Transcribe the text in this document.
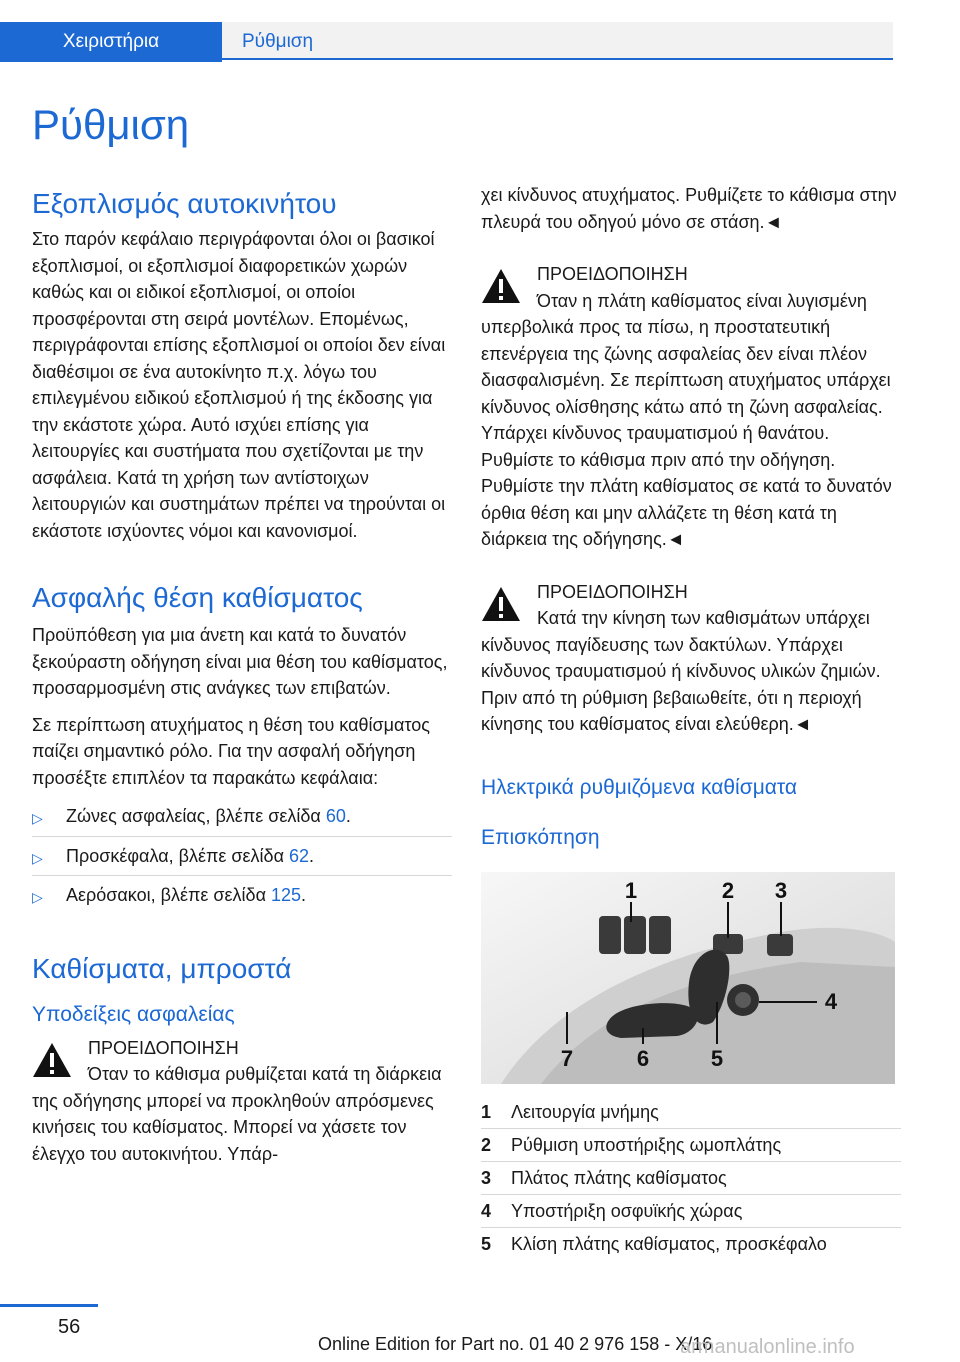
Χειριστήρια	Ρύθμιση
Ρύθμιση
Εξοπλισμός αυτοκινήτου

Στο παρόν κεφάλαιο περιγράφονται όλοι οι βασικοί εξοπλισμοί, οι εξοπλισμοί διαφορετικών χωρών καθώς και οι ειδικοί εξοπλισμοί, οι οποίοι προσφέρονται στη σειρά μοντέλων. Επομένως, περιγράφονται επίσης εξοπλισμοί οι οποίοι δεν είναι διαθέσιμοι σε ένα αυτοκίνητο π.χ. λόγω του επιλεγμένου ειδικού εξοπλισμού ή της έκδοσης για την εκάστοτε χώρα. Αυτό ισχύει επίσης για λειτουργίες και συστήματα που σχετίζονται με την ασφάλεια. Κατά τη χρήση των αντίστοιχων λειτουργιών και συστημάτων πρέπει να τηρούνται οι εκάστοτε ισχύοντες νόμοι και κανονισμοί.

Ασφαλής θέση καθίσματος

Προϋπόθεση για μια άνετη και κατά το δυνατόν ξεκούραστη οδήγηση είναι μια θέση του καθίσματος, προσαρμοσμένη στις ανάγκες των επιβατών.

Σε περίπτωση ατυχήματος η θέση του καθίσματος παίζει σημαντικό ρόλο. Για την ασφαλή οδήγηση προσέξτε επιπλέον τα παρακάτω κεφάλαια:

▷ Ζώνες ασφαλείας, βλέπε σελίδα 60.
▷ Προσκέφαλα, βλέπε σελίδα 62.
▷ Αερόσακοι, βλέπε σελίδα 125.
Καθίσματα, μπροστά
Υποδείξεις ασφαλείας
ΠΡΟΕΙΔΟΠΟΙΗΣΗ

Όταν το κάθισμα ρυθμίζεται κατά τη διάρκεια της οδήγησης μπορεί να προκληθούν απρόσμενες κινήσεις του καθίσματος. Μπορεί να χάσετε τον έλεγχο του αυτοκινήτου. Υπάρ-

χει κίνδυνος ατυχήματος. Ρυθμίζετε το κάθισμα στην πλευρά του οδηγού μόνο σε στάση.◄

ΠΡΟΕΙΔΟΠΟΙΗΣΗ

Όταν η πλάτη καθίσματος είναι λυγισμένη υπερβολικά προς τα πίσω, η προστατευτική επενέργεια της ζώνης ασφαλείας δεν είναι πλέον διασφαλισμένη. Σε περίπτωση ατυχήματος υπάρχει κίνδυνος ολίσθησης κάτω από τη ζώνη ασφαλείας. Υπάρχει κίνδυνος τραυματισμού ή θανάτου. Ρυθμίστε το κάθισμα πριν από την οδήγηση. Ρυθμίστε την πλάτη καθίσματος σε κατά το δυνατόν όρθια θέση και μην αλλάζετε τη θέση κατά τη διάρκεια της οδήγησης.◄

ΠΡΟΕΙΔΟΠΟΙΗΣΗ

Κατά την κίνηση των καθισμάτων υπάρχει κίνδυνος παγίδευσης των δακτύλων. Υπάρχει κίνδυνος τραυματισμού ή κίνδυνος υλικών ζημιών. Πριν από τη ρύθμιση βεβαιωθείτε, ότι η περιοχή κίνησης του καθίσματος είναι ελεύθερη.◄

Ηλεκτρικά ρυθμιζόμενα καθίσματα
Επισκόπηση
1	2 3
4
5
6
7
1	Λειτουργία μνήμης
2	Ρύθμιση υποστήριξης ωμοπλάτης
3	Πλάτος πλάτης καθίσματος
4	Υποστήριξη οσφυϊκής χώρας
5	Κλίση πλάτης καθίσματος, προσκέφαλο
56
Online Edition for Part no. 01 40 2 976 158 - X/16
armanualonline.info
